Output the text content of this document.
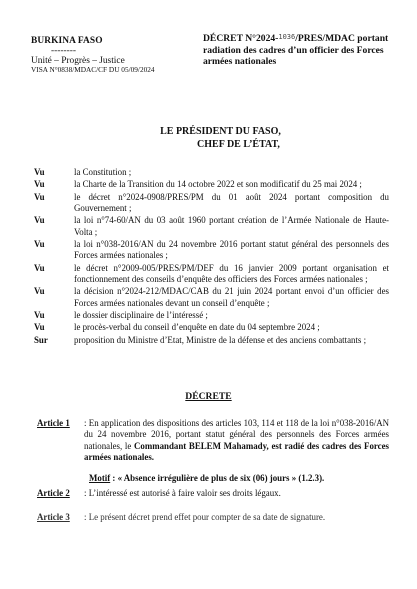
BURKINA FASO
--------
Unité – Progrès – Justice
VISA N°0838/MDAC/CF DU 05/09/2024
DÉCRET N°2024-$^{1036}$/PRES/MDAC portant radiation des cadres d’un officier des Forces armées nationales
LE PRÉSIDENT DU FASO,
CHEF DE L’ÉTAT,
Vu	la Constitution ;
Vu	la Charte de la Transition du 14 octobre 2022 et son modificatif du 25 mai 2024 ;
Vu	le décret n°2024-0908/PRES/PM du 01 août 2024 portant composition du Gouvernement ;
Vu	la loi n°74-60/AN du 03 août 1960 portant création de l’Armée Nationale de Haute-Volta ;
Vu	la loi n°038-2016/AN du 24 novembre 2016 portant statut général des personnels des Forces armées nationales ;
Vu	le décret n°2009-005/PRES/PM/DEF du 16 janvier 2009 portant organisation et fonctionnement des conseils d’enquête des officiers des Forces armées nationales ;
Vu	la décision n°2024-212/MDAC/CAB du 21 juin 2024 portant envoi d’un officier des Forces armées nationales devant un conseil d’enquête ;
Vu	le dossier disciplinaire de l’intéressé ;
Vu	le procès-verbal du conseil d’enquête en date du 04 septembre 2024 ;
Sur	proposition du Ministre d’Etat, Ministre de la défense et des anciens combattants ;
DÉCRETE
Article 1	: En application des dispositions des articles 103, 114 et 118 de la loi n°038-2016/AN du 24 novembre 2016, portant statut général des personnels des Forces armées nationales, le Commandant BELEM Mahamady, est radié des cadres des Forces armées nationales.
Motif : « Absence irrégulière de plus de six (06) jours » (1.2.3).
Article 2	: L’intéressé est autorisé à faire valoir ses droits légaux.
Article 3	: Le présent décret prend effet pour compter de sa date de signature.
